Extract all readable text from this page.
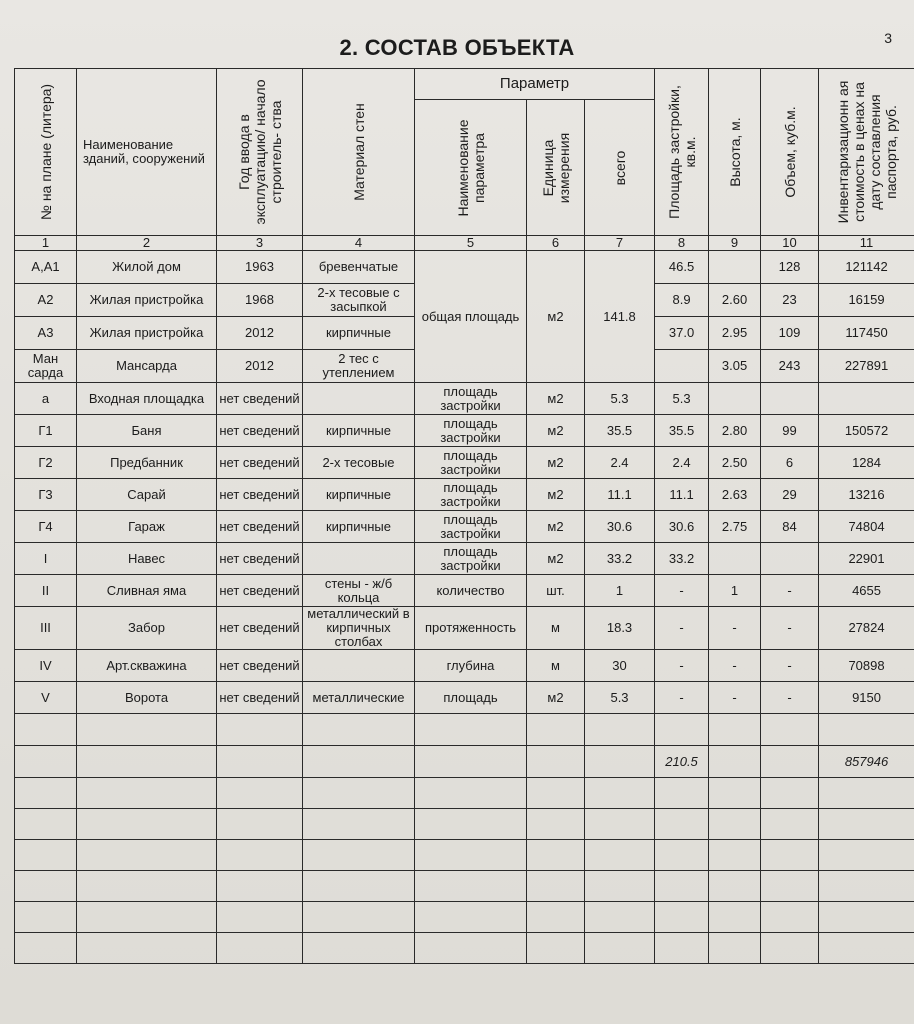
3
2. СОСТАВ ОБЪЕКТА
№ на плане (литера)	Наименование зданий, сооружений	Год ввода в эксплуатацию/ начало строитель- ства	Материал стен	Параметр			Площадь застройки, кв.м.	Высота, м.	Объем, куб.м.	Инвентаризационн ая стоимость в ценах на дату составления паспорта, руб.

				Наименование параметра	Единица измерения	всего				

1	2	3	4	5	6	7	8	9	10	11
А,А1	Жилой дом	1963	бревенчатые	общая площадь	м2	141.8	46.5		128	121142
А2	Жилая пристройка	1968	2-х тесовые с засыпкой				8.9	2.60	23	16159
А3	Жилая пристройка	2012	кирпичные				37.0	2.95	109	117450
Ман сарда	Мансарда	2012	2 тес с утеплением					3.05	243	227891
а	Входная площадка	нет сведений		площадь застройки	м2	5.3	5.3			
Г1	Баня	нет сведений	кирпичные	площадь застройки	м2	35.5	35.5	2.80	99	150572
Г2	Предбанник	нет сведений	2-х тесовые	площадь застройки	м2	2.4	2.4	2.50	6	1284
Г3	Сарай	нет сведений	кирпичные	площадь застройки	м2	11.1	11.1	2.63	29	13216
Г4	Гараж	нет сведений	кирпичные	площадь застройки	м2	30.6	30.6	2.75	84	74804
I	Навес	нет сведений		площадь застройки	м2	33.2	33.2			22901
II	Сливная яма	нет сведений	стены - ж/б кольца	количество	шт.	1	-	1	-	4655
III	Забор	нет сведений	металлический в кирпичных столбах	протяженность	м	18.3	-	-	-	27824
IV	Арт.скважина	нет сведений		глубина	м	30	-	-	-	70898
V	Ворота	нет сведений	металлические	площадь	м2	5.3	-	-	-	9150

							210.5			857946
